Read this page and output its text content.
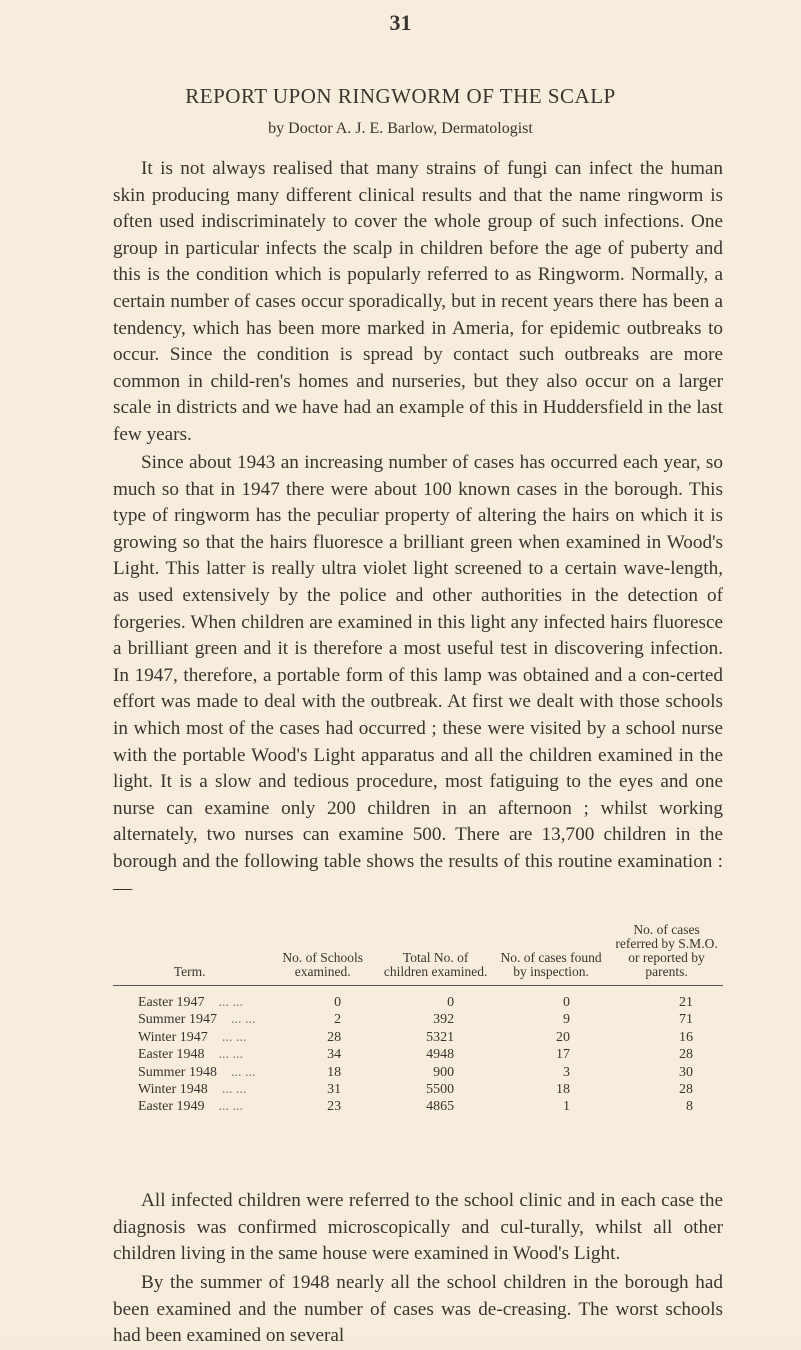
31
REPORT UPON RINGWORM OF THE SCALP
by Doctor A. J. E. Barlow, Dermatologist

It is not always realised that many strains of fungi can infect the human skin producing many different clinical results and that the name ringworm is often used indiscriminately to cover the whole group of such infections. One group in particular infects the scalp in children before the age of puberty and this is the condition which is popularly referred to as Ringworm. Normally, a certain number of cases occur sporadically, but in recent years there has been a tendency, which has been more marked in Ameria, for epidemic outbreaks to occur. Since the condition is spread by contact such outbreaks are more common in child-ren's homes and nurseries, but they also occur on a larger scale in districts and we have had an example of this in Huddersfield in the last few years.

Since about 1943 an increasing number of cases has occurred each year, so much so that in 1947 there were about 100 known cases in the borough. This type of ringworm has the peculiar property of altering the hairs on which it is growing so that the hairs fluoresce a brilliant green when examined in Wood's Light. This latter is really ultra violet light screened to a certain wave-length, as used extensively by the police and other authorities in the detection of forgeries. When children are examined in this light any infected hairs fluoresce a brilliant green and it is therefore a most useful test in discovering infection. In 1947, therefore, a portable form of this lamp was obtained and a con-certed effort was made to deal with the outbreak. At first we dealt with those schools in which most of the cases had occurred ; these were visited by a school nurse with the portable Wood's Light apparatus and all the children examined in the light. It is a slow and tedious procedure, most fatiguing to the eyes and one nurse can examine only 200 children in an afternoon ; whilst working alternately, two nurses can examine 500. There are 13,700 children in the borough and the following table shows the results of this routine examination :—

Term.	No. of Schools examined.	Total No. of children examined.	No. of cases found by inspection.	No. of cases referred by S.M.O. or reported by parents.
Easter 1947 ... ...	0	0	0	21
Summer 1947 ... ...	2	392	9	71
Winter 1947 ... ...	28	5321	20	16
Easter 1948 ... ...	34	4948	17	28
Summer 1948 ... ...	18	900	3	30
Winter 1948 ... ...	31	5500	18	28
Easter 1949 ... ...	23	4865	1	8

All infected children were referred to the school clinic and in each case the diagnosis was confirmed microscopically and cul-turally, whilst all other children living in the same house were examined in Wood's Light.

By the summer of 1948 nearly all the school children in the borough had been examined and the number of cases was de-creasing. The worst schools had been examined on several
